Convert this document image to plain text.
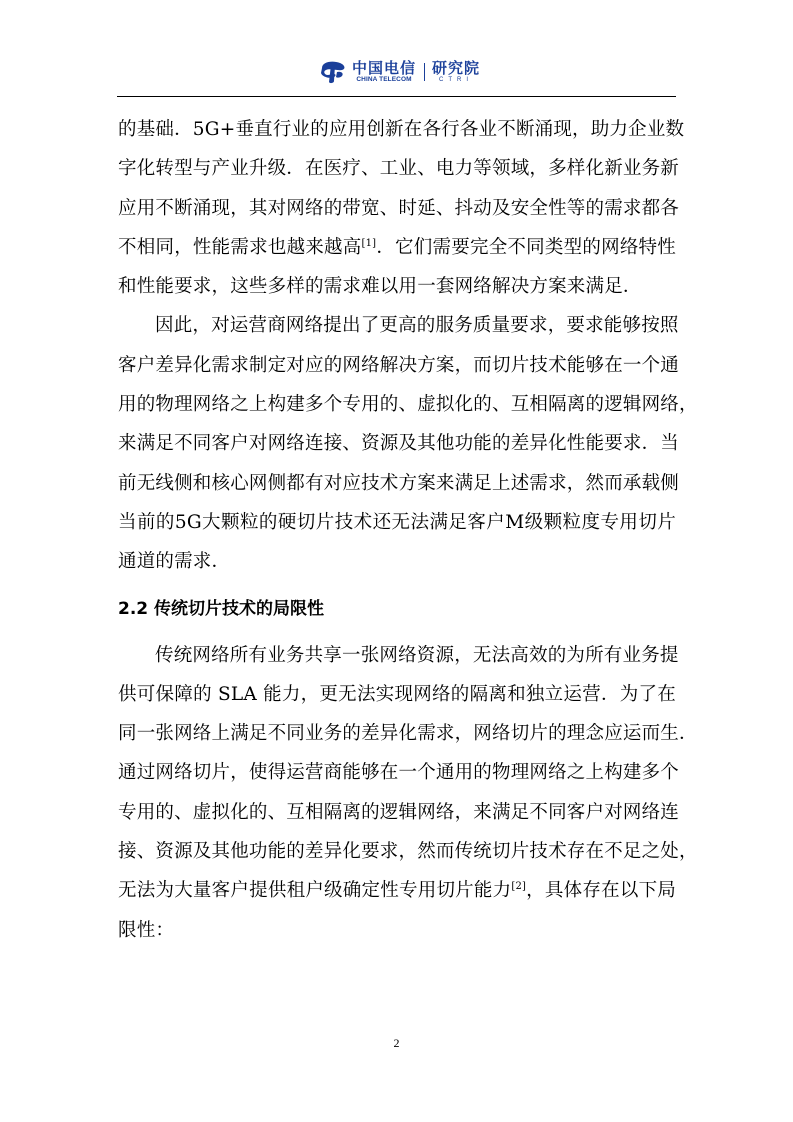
中国电信
CHINA TELECOM
研究院
CTRI

的基础．5G+垂直行业的应用创新在各行各业不断涌现，助力企业数
字化转型与产业升级．在医疗、工业、电力等领域，多样化新业务新
应用不断涌现，其对网络的带宽、时延、抖动及安全性等的需求都各
不相同，性能需求也越来越高[1]．它们需要完全不同类型的网络特性
和性能要求，这些多样的需求难以用一套网络解决方案来满足．

因此，对运营商网络提出了更高的服务质量要求，要求能够按照
客户差异化需求制定对应的网络解决方案，而切片技术能够在一个通
用的物理网络之上构建多个专用的、虚拟化的、互相隔离的逻辑网络，
来满足不同客户对网络连接、资源及其他功能的差异化性能要求．当
前无线侧和核心网侧都有对应技术方案来满足上述需求，然而承载侧
当前的5G大颗粒的硬切片技术还无法满足客户M级颗粒度专用切片
通道的需求．

2.2 传统切片技术的局限性

传统网络所有业务共享一张网络资源，无法高效的为所有业务提
供可保障的 SLA 能力，更无法实现网络的隔离和独立运营．为了在
同一张网络上满足不同业务的差异化需求，网络切片的理念应运而生．
通过网络切片，使得运营商能够在一个通用的物理网络之上构建多个
专用的、虚拟化的、互相隔离的逻辑网络，来满足不同客户对网络连
接、资源及其他功能的差异化要求，然而传统切片技术存在不足之处，
无法为大量客户提供租户级确定性专用切片能力[2]，具体存在以下局
限性：

2
